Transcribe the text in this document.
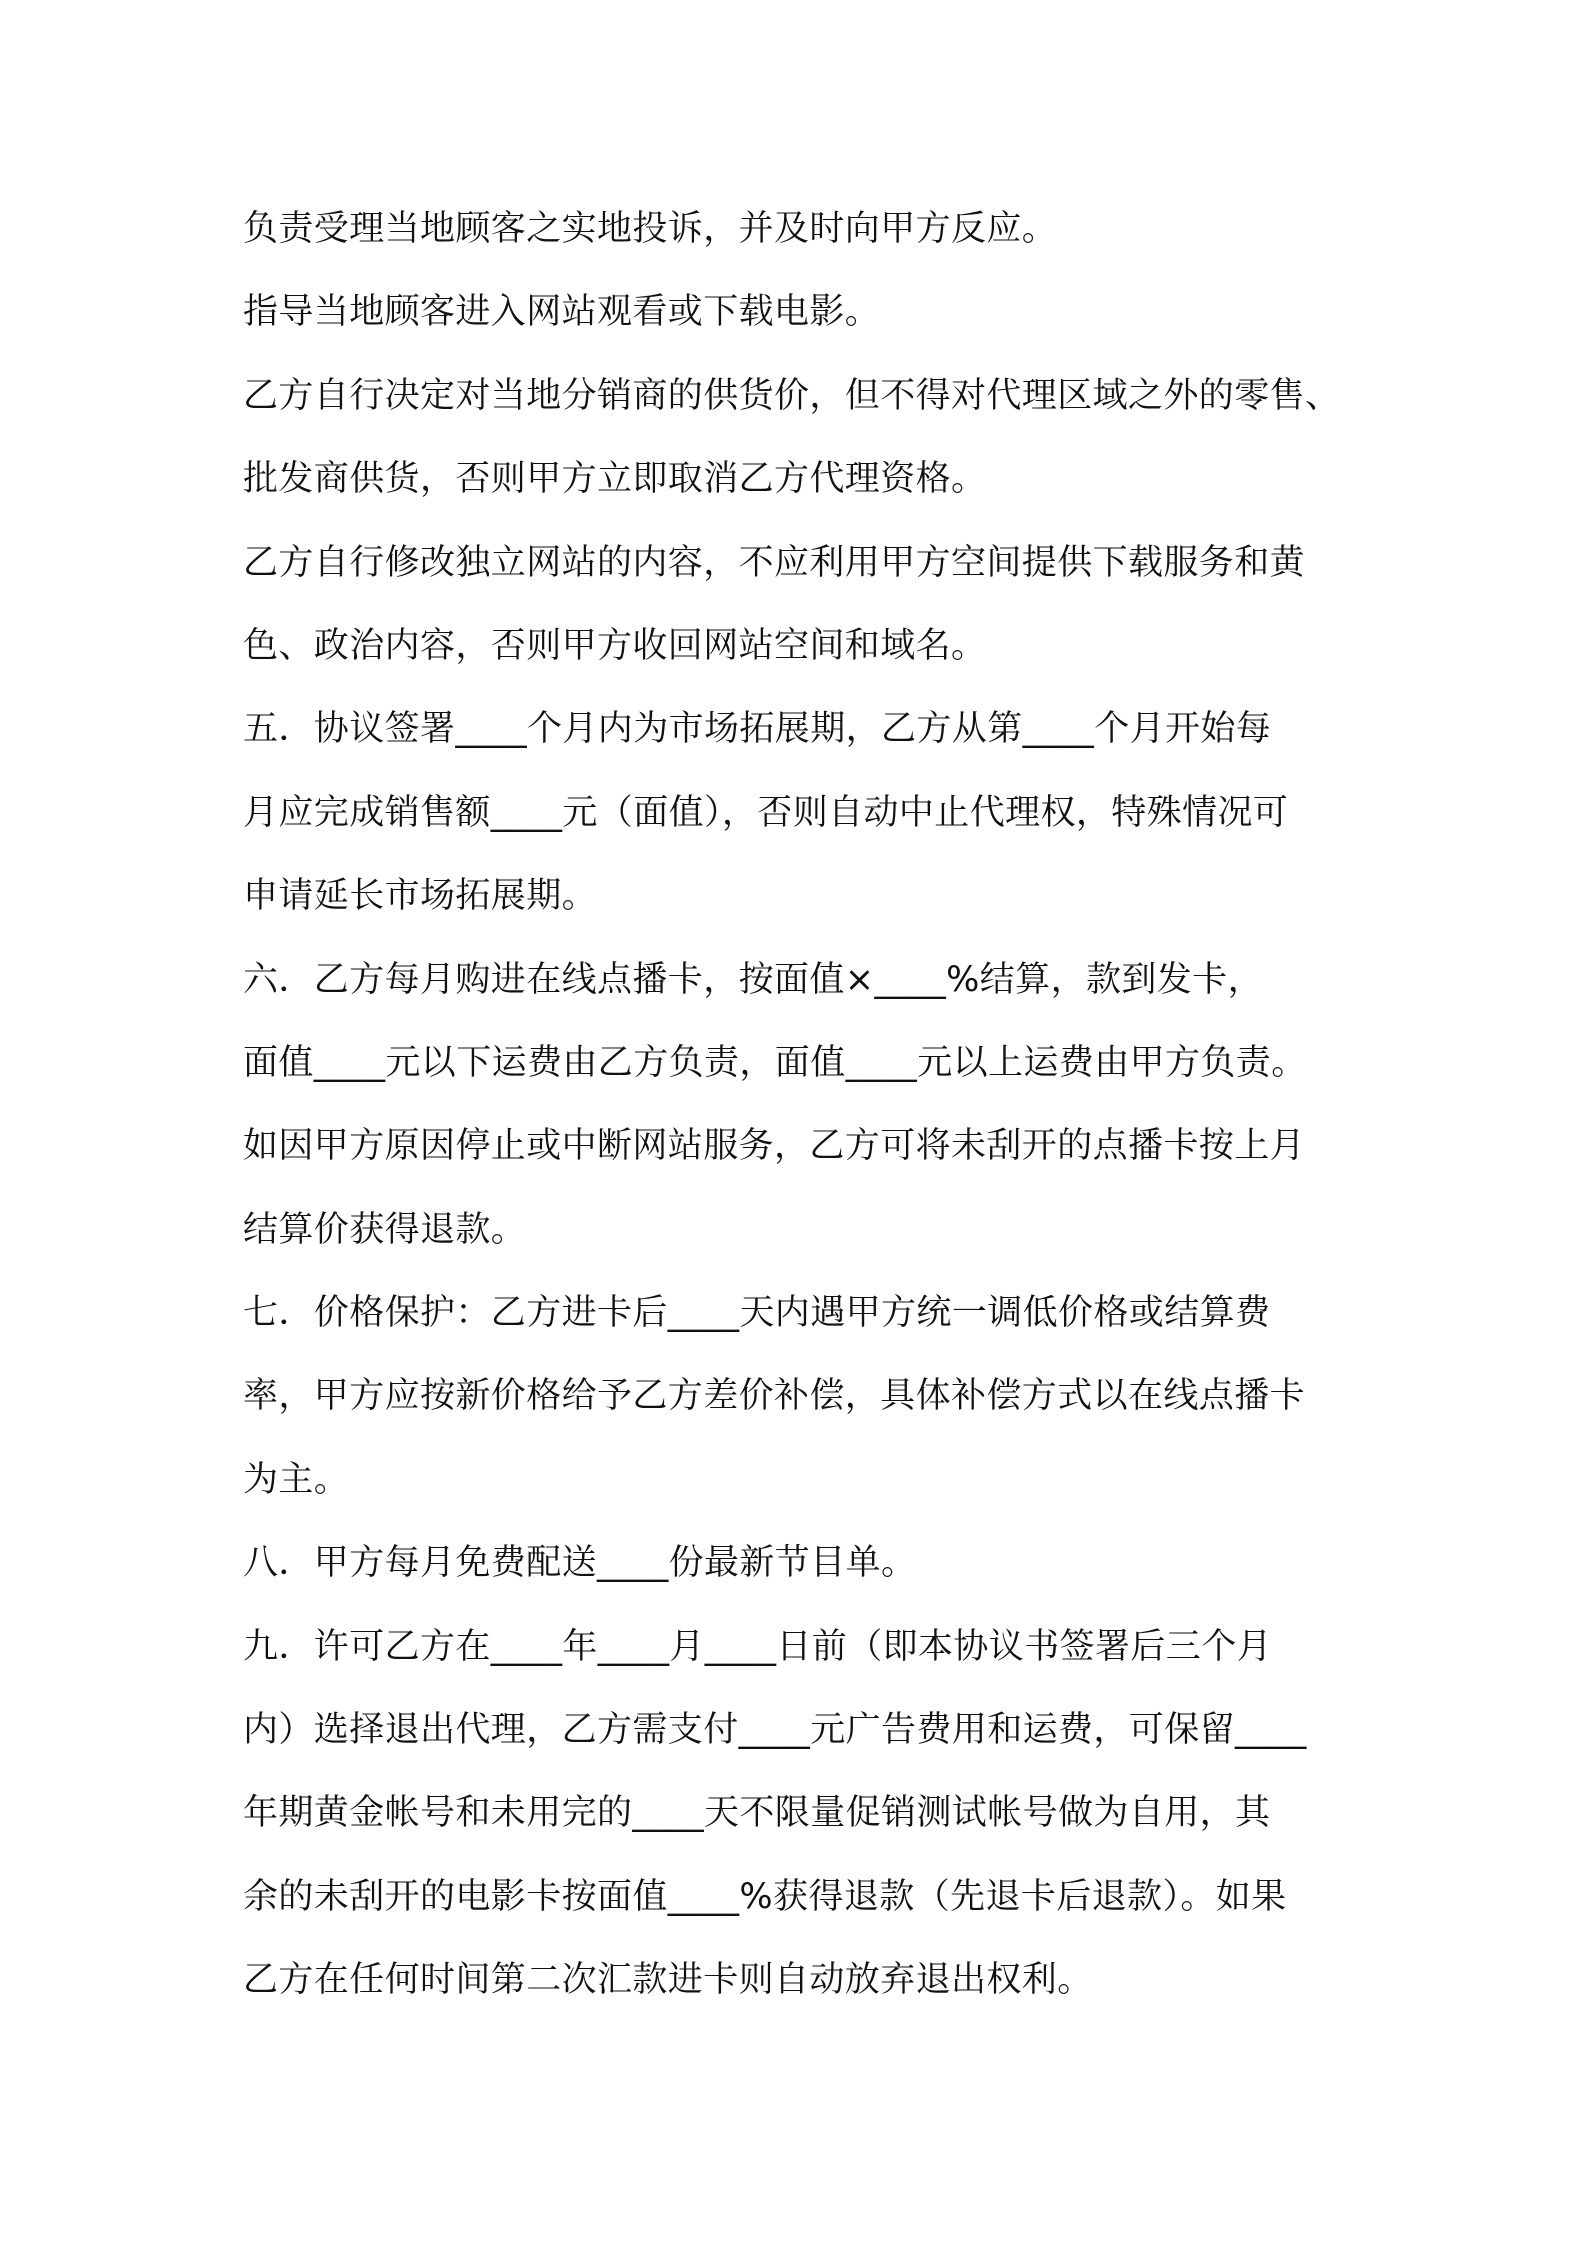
负责受理当地顾客之实地投诉，并及时向甲方反应。
指导当地顾客进入网站观看或下载电影。
乙方自行决定对当地分销商的供货价，但不得对代理区域之外的零售、
批发商供货，否则甲方立即取消乙方代理资格。
乙方自行修改独立网站的内容，不应利用甲方空间提供下载服务和黄
色、政治内容，否则甲方收回网站空间和域名。
五．协议签署____个月内为市场拓展期，乙方从第____个月开始每
月应完成销售额____元（面值），否则自动中止代理权，特殊情况可
申请延长市场拓展期。
六．乙方每月购进在线点播卡，按面值×____%结算，款到发卡，
面值____元以下运费由乙方负责，面值____元以上运费由甲方负责。
如因甲方原因停止或中断网站服务，乙方可将未刮开的点播卡按上月
结算价获得退款。
七．价格保护：乙方进卡后____天内遇甲方统一调低价格或结算费
率，甲方应按新价格给予乙方差价补偿，具体补偿方式以在线点播卡
为主。
八．甲方每月免费配送____份最新节目单。
九．许可乙方在____年____月____日前（即本协议书签署后三个月
内）选择退出代理，乙方需支付____元广告费用和运费，可保留____
年期黄金帐号和未用完的____天不限量促销测试帐号做为自用，其
余的未刮开的电影卡按面值____%获得退款（先退卡后退款）。如果
乙方在任何时间第二次汇款进卡则自动放弃退出权利。
